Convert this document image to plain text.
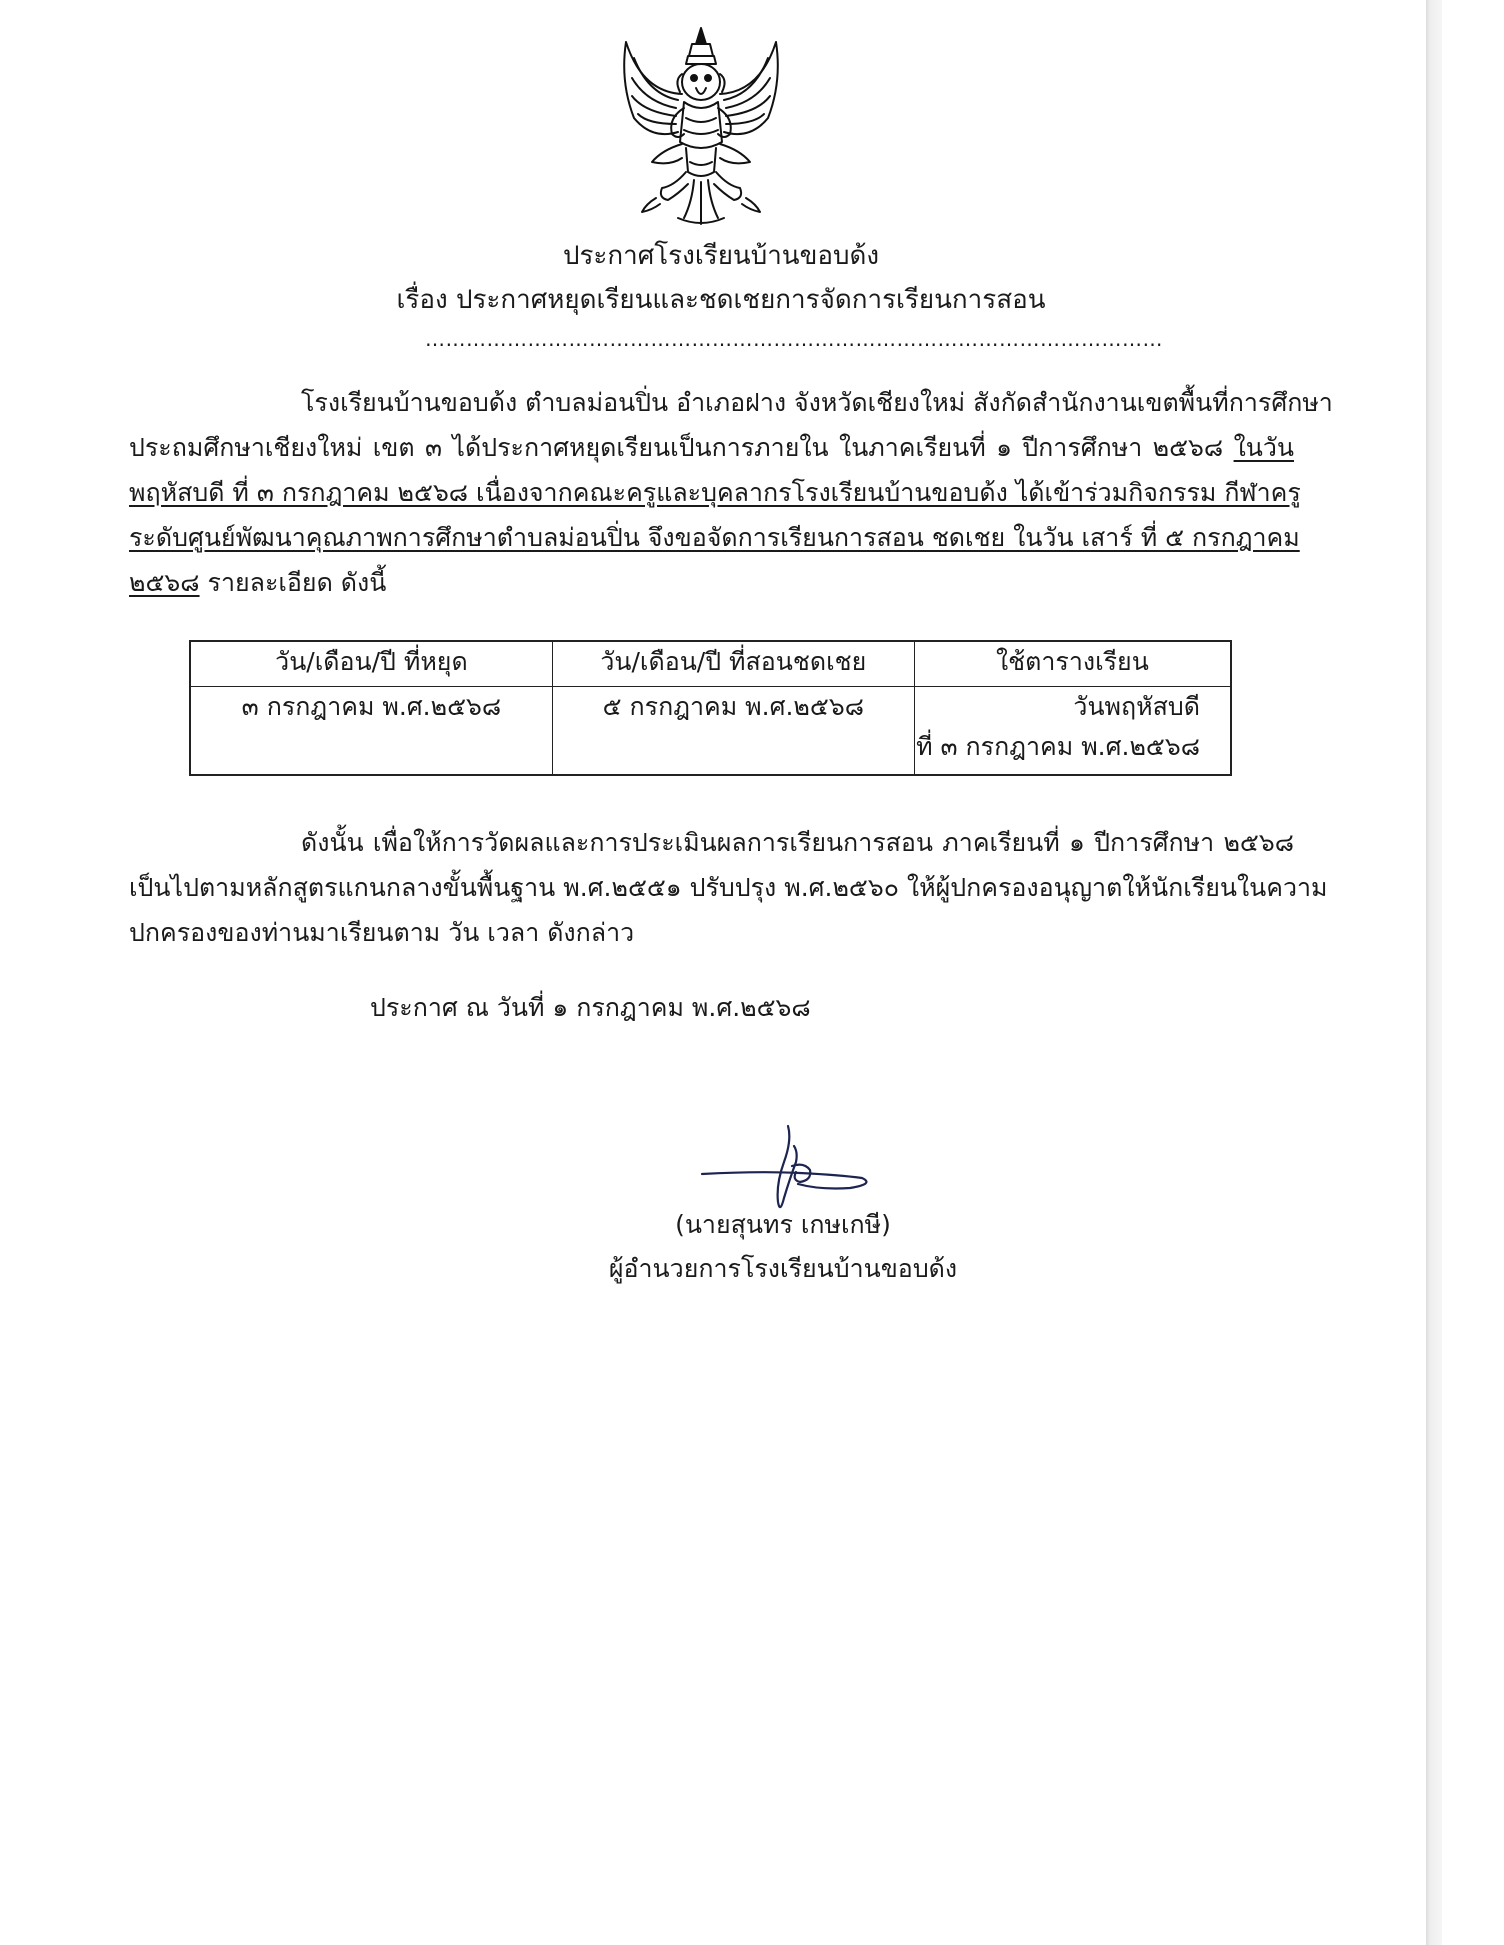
ประกาศโรงเรียนบ้านขอบด้ง
เรื่อง ประกาศหยุดเรียนและชดเชยการจัดการเรียนการสอน
………………………………………………………………………………………………
โรงเรียนบ้านขอบด้ง ตำบลม่อนปิ่น อำเภอฝาง จังหวัดเชียงใหม่ สังกัดสำนักงานเขตพื้นที่การศึกษา
ประถมศึกษาเชียงใหม่ เขต ๓ ได้ประกาศหยุดเรียนเป็นการภายใน ในภาคเรียนที่ ๑ ปีการศึกษา ๒๕๖๘ ในวัน
พฤหัสบดี ที่ ๓ กรกฎาคม ๒๕๖๘ เนื่องจากคณะครูและบุคลากรโรงเรียนบ้านขอบด้ง ได้เข้าร่วมกิจกรรม กีฬาครู
ระดับศูนย์พัฒนาคุณภาพการศึกษาตำบลม่อนปิ่น จึงขอจัดการเรียนการสอน ชดเชย ในวัน เสาร์ ที่ ๕ กรกฎาคม
๒๕๖๘ รายละเอียด ดังนี้
วัน/เดือน/ปี ที่หยุด	วัน/เดือน/ปี ที่สอนชดเชย	ใช้ตารางเรียน
๓ กรกฎาคม พ.ศ.๒๕๖๘	๕ กรกฎาคม พ.ศ.๒๕๖๘	วันพฤหัสบดี
ที่ ๓ กรกฎาคม พ.ศ.๒๕๖๘
ดังนั้น เพื่อให้การวัดผลและการประเมินผลการเรียนการสอน ภาคเรียนที่ ๑ ปีการศึกษา ๒๕๖๘
เป็นไปตามหลักสูตรแกนกลางขั้นพื้นฐาน พ.ศ.๒๕๕๑ ปรับปรุง พ.ศ.๒๕๖๐ ให้ผู้ปกครองอนุญาตให้นักเรียนในความ
ปกครองของท่านมาเรียนตาม วัน เวลา ดังกล่าว
ประกาศ ณ วันที่ ๑ กรกฎาคม พ.ศ.๒๕๖๘
(นายสุนทร เกษเกษี)
ผู้อำนวยการโรงเรียนบ้านขอบด้ง
